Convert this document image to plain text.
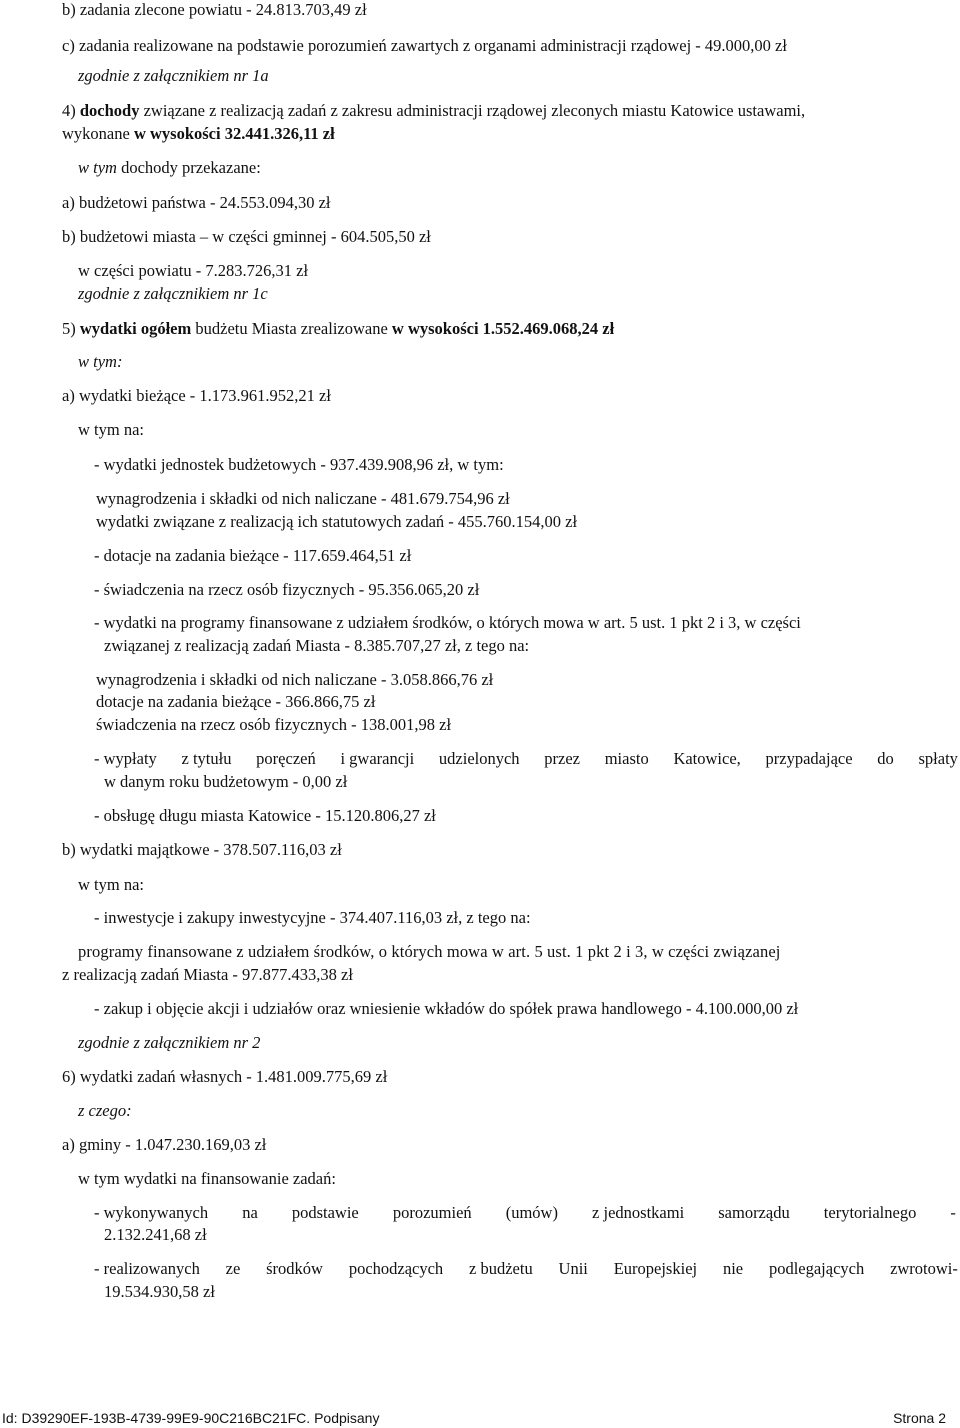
b) zadania zlecone powiatu - 24.813.703,49 zł

c) zadania realizowane na podstawie porozumień zawartych z organami administracji rządowej - 49.000,00 zł

zgodnie z załącznikiem nr 1a

4) dochody związane z realizacją zadań z zakresu administracji rządowej zleconych miastu Katowice ustawami,

wykonane w wysokości 32.441.326,11 zł

w tym dochody przekazane:

a) budżetowi państwa - 24.553.094,30 zł

b) budżetowi miasta – w części gminnej - 604.505,50 zł

w części powiatu - 7.283.726,31 zł

zgodnie z załącznikiem nr 1c

5) wydatki ogółem budżetu Miasta zrealizowane w wysokości 1.552.469.068,24 zł

w tym:

a) wydatki bieżące - 1.173.961.952,21 zł

w tym na:

- wydatki jednostek budżetowych - 937.439.908,96 zł, w tym:

wynagrodzenia i składki od nich naliczane - 481.679.754,96 zł

wydatki związane z realizacją ich statutowych zadań - 455.760.154,00 zł

- dotacje na zadania bieżące - 117.659.464,51 zł

- świadczenia na rzecz osób fizycznych - 95.356.065,20 zł

- wydatki na programy finansowane z udziałem środków, o których mowa w art. 5 ust. 1 pkt 2 i 3, w części

związanej z realizacją zadań Miasta - 8.385.707,27 zł, z tego na:

wynagrodzenia i składki od nich naliczane - 3.058.866,76 zł

dotacje na zadania bieżące - 366.866,75 zł

świadczenia na rzecz osób fizycznych - 138.001,98 zł

- wypłaty z tytułu poręczeń i gwarancji udzielonych przez miasto Katowice, przypadające do spłaty

w danym roku budżetowym - 0,00 zł

- obsługę długu miasta Katowice - 15.120.806,27 zł

b) wydatki majątkowe - 378.507.116,03 zł

w tym na:

- inwestycje i zakupy inwestycyjne - 374.407.116,03 zł, z tego na:

programy finansowane z udziałem środków, o których mowa w art. 5 ust. 1 pkt 2 i 3, w części związanej

z realizacją zadań Miasta - 97.877.433,38 zł

- zakup i objęcie akcji i udziałów oraz wniesienie wkładów do spółek prawa handlowego - 4.100.000,00 zł

zgodnie z załącznikiem nr 2

6) wydatki zadań własnych - 1.481.009.775,69 zł

z czego:

a) gminy - 1.047.230.169,03 zł

w tym wydatki na finansowanie zadań:

- wykonywanych na podstawie porozumień (umów) z jednostkami samorządu terytorialnego -

2.132.241,68 zł

- realizowanych ze środków pochodzących z budżetu Unii Europejskiej nie podlegających zwrotowi-

19.534.930,58 zł

Id: D39290EF-193B-4739-99E9-90C216BC21FC. Podpisany	Strona 2
